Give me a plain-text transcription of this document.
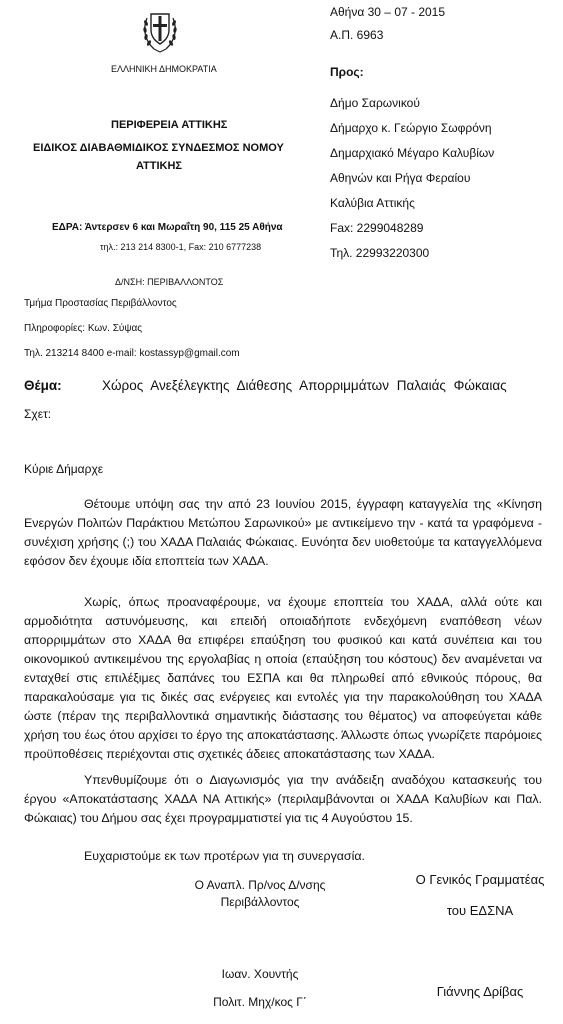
ΕΛΛΗΝΙΚΗ ΔΗΜΟΚΡΑΤΙΑ
Αθήνα 30 – 07 - 2015
Α.Π. 6963
Προς:
Δήμο Σαρωνικού
Δήμαρχο κ. Γεώργιο Σωφρόνη
Δημαρχιακό Μέγαρο Καλυβίων
Αθηνών και Ρήγα Φεραίου
Καλύβια Αττικής
Fax: 2299048289
Τηλ. 22993220300
ΠΕΡΙΦΕΡΕΙΑ ΑΤΤΙΚΗΣ
ΕΙΔΙΚΟΣ ΔΙΑΒΑΘΜΙΔΙΚΟΣ ΣΥΝΔΕΣΜΟΣ ΝΟΜΟΥ
ΑΤΤΙΚΗΣ
ΕΔΡΑ: Άντερσεν 6 και Μωραΐτη 90, 115 25 Αθήνα
τηλ.: 213 214 8300-1, Fax: 210 6777238
Δ/ΝΣΗ: ΠΕΡΙΒΑΛΛΟΝΤΟΣ
Τμήμα Προστασίας Περιβάλλοντος
Πληροφορίες: Κων. Σύψας
Τηλ. 213214 8400 e-mail: kostassyp@gmail.com
Θέμα:	Χώρος Ανεξέλεγκτης Διάθεσης Απορριμμάτων Παλαιάς Φώκαιας
Σχετ:
Κύριε Δήμαρχε

Θέτουμε υπόψη σας την από 23 Ιουνίου 2015, έγγραφη καταγγελία της «Κίνηση Ενεργών Πολιτών Παράκτιου Μετώπου Σαρωνικού» με αντικείμενο την - κατά τα γραφόμενα - συνέχιση χρήσης (;) του ΧΑΔΑ Παλαιάς Φώκαιας. Ευνόητα δεν υιοθετούμε τα καταγγελλόμενα εφόσον δεν έχουμε ιδία εποπτεία των ΧΑΔΑ.

Χωρίς, όπως προαναφέρουμε, να έχουμε εποπτεία του ΧΑΔΑ, αλλά ούτε και αρμοδιότητα αστυνόμευσης, και επειδή οποιαδήποτε ενδεχόμενη εναπόθεση νέων απορριμμάτων στο ΧΑΔΑ θα επιφέρει επαύξηση του φυσικού και κατά συνέπεια και του οικονομικού αντικειμένου της εργολαβίας η οποία (επαύξηση του κόστους) δεν αναμένεται να ενταχθεί στις επιλέξιμες δαπάνες του ΕΣΠΑ και θα πληρωθεί από εθνικούς πόρους, θα παρακαλούσαμε για τις δικές σας ενέργειες και εντολές για την παρακολούθηση του ΧΑΔΑ ώστε (πέραν της περιβαλλοντικά σημαντικής διάστασης του θέματος) να αποφεύγεται κάθε χρήση του έως ότου αρχίσει το έργο της αποκατάστασης. Άλλωστε όπως γνωρίζετε παρόμοιες προϋποθέσεις περιέχονται στις σχετικές άδειες αποκατάστασης των ΧΑΔΑ.

Υπενθυμίζουμε ότι ο Διαγωνισμός για την ανάδειξη αναδόχου κατασκευής του έργου «Αποκατάστασης ΧΑΔΑ ΝΑ Αττικής» (περιλαμβάνονται οι ΧΑΔΑ Καλυβίων και Παλ. Φώκαιας) του Δήμου σας έχει προγραμματιστεί για τις 4 Αυγούστου 15.

Ευχαριστούμε εκ των προτέρων για τη συνεργασία.

Ο Αναπλ. Πρ/νος Δ/νσης
Περιβάλλοντος
Ιωαν. Χουντής
Πολιτ. Μηχ/κος Γ΄
Ο Γενικός Γραμματέας
του ΕΔΣΝΑ
Γιάννης Δρίβας
